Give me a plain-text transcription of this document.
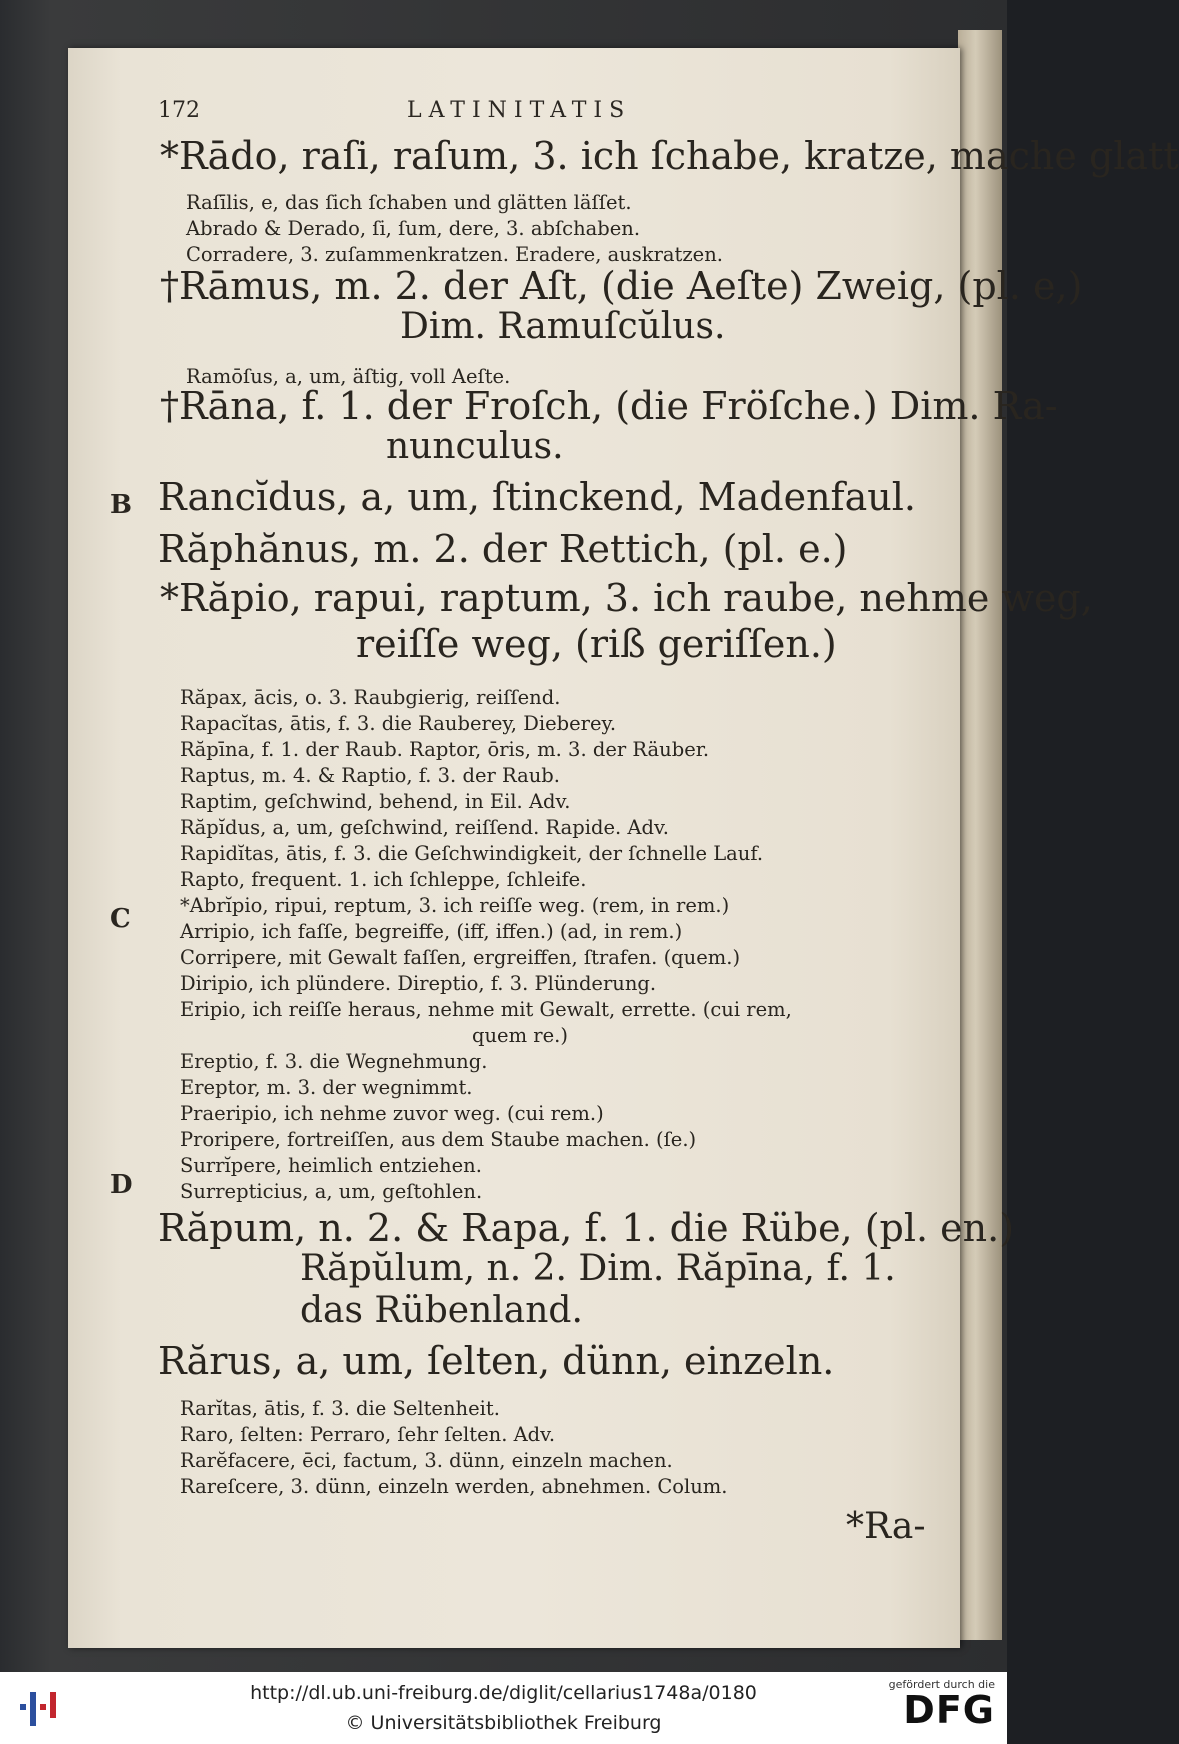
172	LATINITATIS
*Rādo, raſi, raſum, 3. ich ſchabe, kratze, mache glatt
Raſīlis, e, das ſich ſchaben und glätten läſſet.
Abrado & Derado, ſi, ſum, dere, 3. abſchaben.
Corradere, 3. zuſammenkratzen. Eradere, auskratzen.
†Rāmus, m. 2. der Aſt, (die Aeſte) Zweig, (pl. e,)
Dim. Ramuſcŭlus.
Ramōſus, a, um, äſtig, voll Aeſte.
†Rāna, f. 1. der Froſch, (die Fröſche.) Dim. Ra-
nunculus.
Rancĭdus, a, um, ſtinckend, Madenfaul.
Răphănus, m. 2. der Rettich, (pl. e.)
*Răpio, rapui, raptum, 3. ich raube, nehme weg,
reiſſe weg, (riß geriſſen.)
Răpax, ācis, o. 3. Raubgierig, reiſſend.
Rapacĭtas, ātis, f. 3. die Rauberey, Dieberey.
Răpīna, f. 1. der Raub. Raptor, ōris, m. 3. der Räuber.
Raptus, m. 4. & Raptio, f. 3. der Raub.
Raptim, geſchwind, behend, in Eil. Adv.
Răpĭdus, a, um, geſchwind, reiſſend. Rapide. Adv.
Rapidĭtas, ātis, f. 3. die Geſchwindigkeit, der ſchnelle Lauf.
Rapto, frequent. 1. ich ſchleppe, ſchleife.
*Abrĭpio, ripui, reptum, 3. ich reiſſe weg. (rem, in rem.)
Arripio, ich faſſe, begreiffe, (iff, iffen.) (ad, in rem.)
Corripere, mit Gewalt faſſen, ergreiffen, ſtrafen. (quem.)
Diripio, ich plündere. Direptio, f. 3. Plünderung.
Eripio, ich reiſſe heraus, nehme mit Gewalt, errette. (cui rem,
quem re.)
Ereptio, f. 3. die Wegnehmung.
Ereptor, m. 3. der wegnimmt.
Praeripio, ich nehme zuvor weg. (cui rem.)
Proripere, fortreiſſen, aus dem Staube machen. (ſe.)
Surrĭpere, heimlich entziehen.
Surrepticius, a, um, geſtohlen.
Răpum, n. 2. & Rapa, f. 1. die Rübe, (pl. en.)
Răpŭlum, n. 2. Dim. Răpīna, f. 1.
das Rübenland.
Rărus, a, um, ſelten, dünn, einzeln.
Rarĭtas, ātis, f. 3. die Seltenheit.
Raro, ſelten: Perraro, ſehr ſelten. Adv.
Rarĕfacere, ēci, factum, 3. dünn, einzeln machen.
Rareſcere, 3. dünn, einzeln werden, abnehmen. Colum.
*Ra-
B
C
D
http://dl.ub.uni-freiburg.de/diglit/cellarius1748a/0180
© Universitätsbibliothek Freiburg
gefördert durch die
DFG
